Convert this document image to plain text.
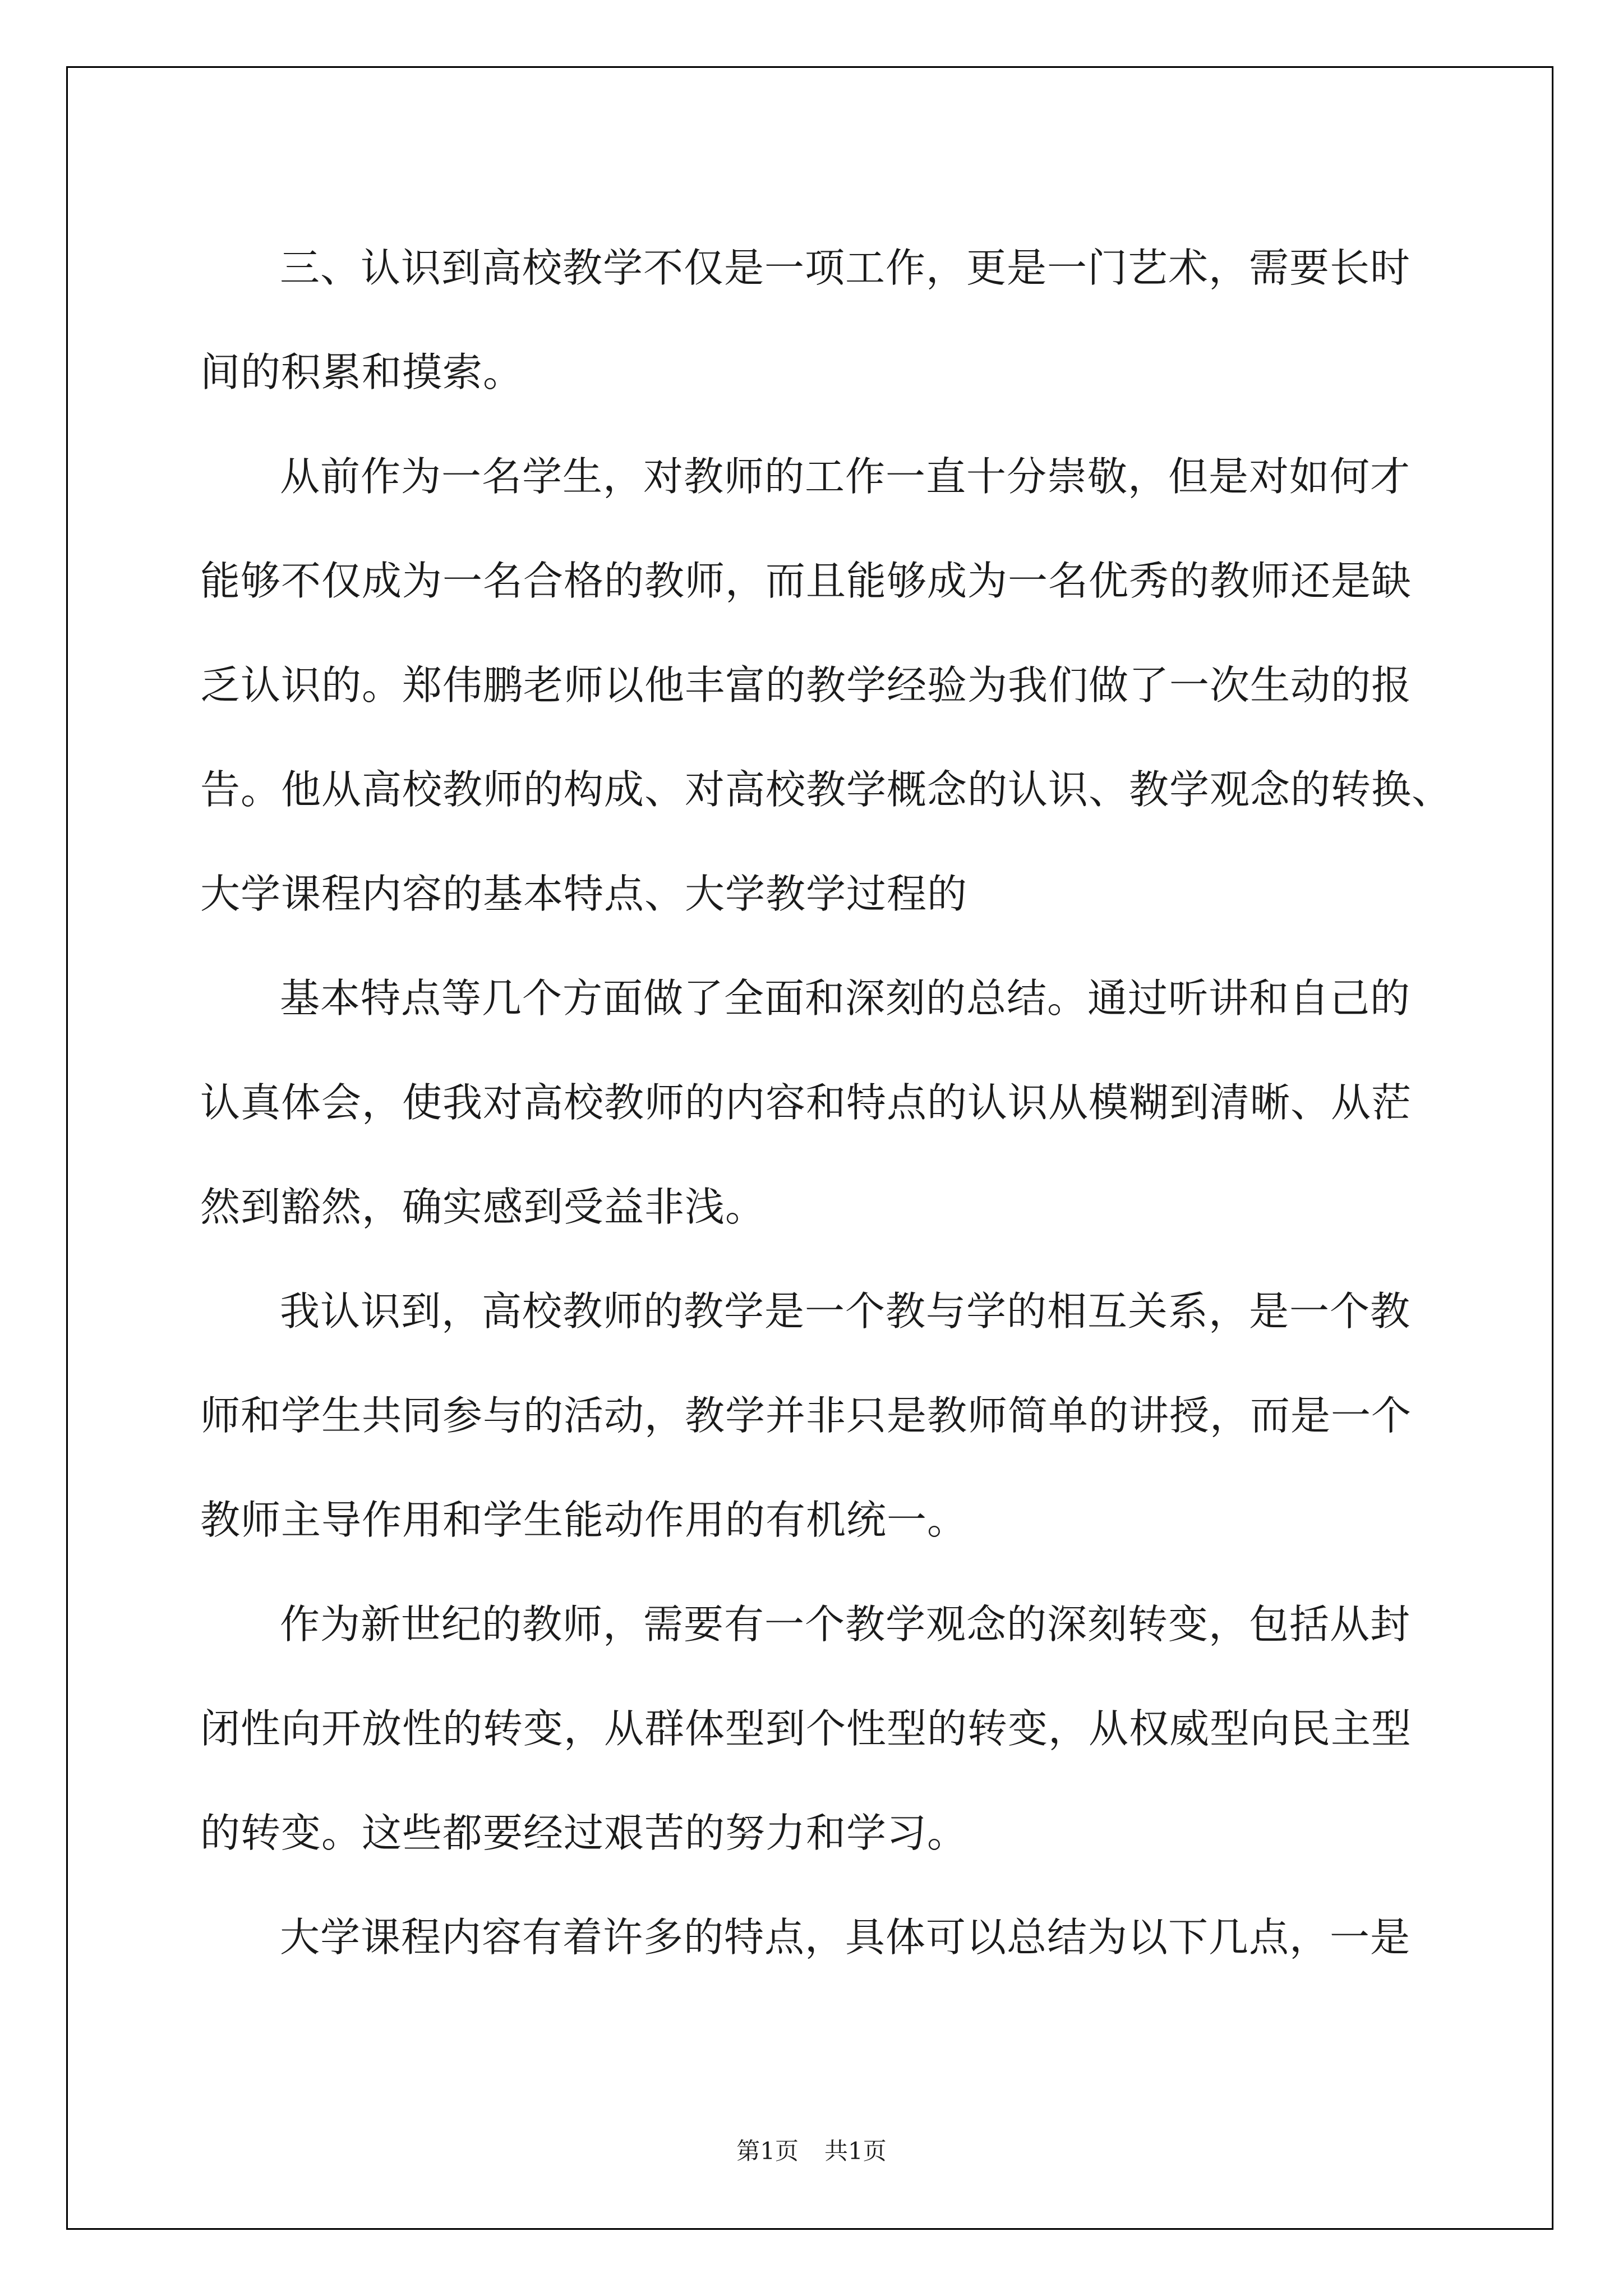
三、认识到高校教学不仅是一项工作，更是一门艺术，需要长时
间的积累和摸索。
从前作为一名学生，对教师的工作一直十分崇敬，但是对如何才
能够不仅成为一名合格的教师，而且能够成为一名优秀的教师还是缺
乏认识的。郑伟鹏老师以他丰富的教学经验为我们做了一次生动的报
告。他从高校教师的构成、对高校教学概念的认识、教学观念的转换、
大学课程内容的基本特点、大学教学过程的
基本特点等几个方面做了全面和深刻的总结。通过听讲和自己的
认真体会，使我对高校教师的内容和特点的认识从模糊到清晰、从茫
然到豁然，确实感到受益非浅。
我认识到，高校教师的教学是一个教与学的相互关系，是一个教
师和学生共同参与的活动，教学并非只是教师简单的讲授，而是一个
教师主导作用和学生能动作用的有机统一。
作为新世纪的教师，需要有一个教学观念的深刻转变，包括从封
闭性向开放性的转变，从群体型到个性型的转变，从权威型向民主型
的转变。这些都要经过艰苦的努力和学习。
大学课程内容有着许多的特点，具体可以总结为以下几点，一是
第1页 共1页
